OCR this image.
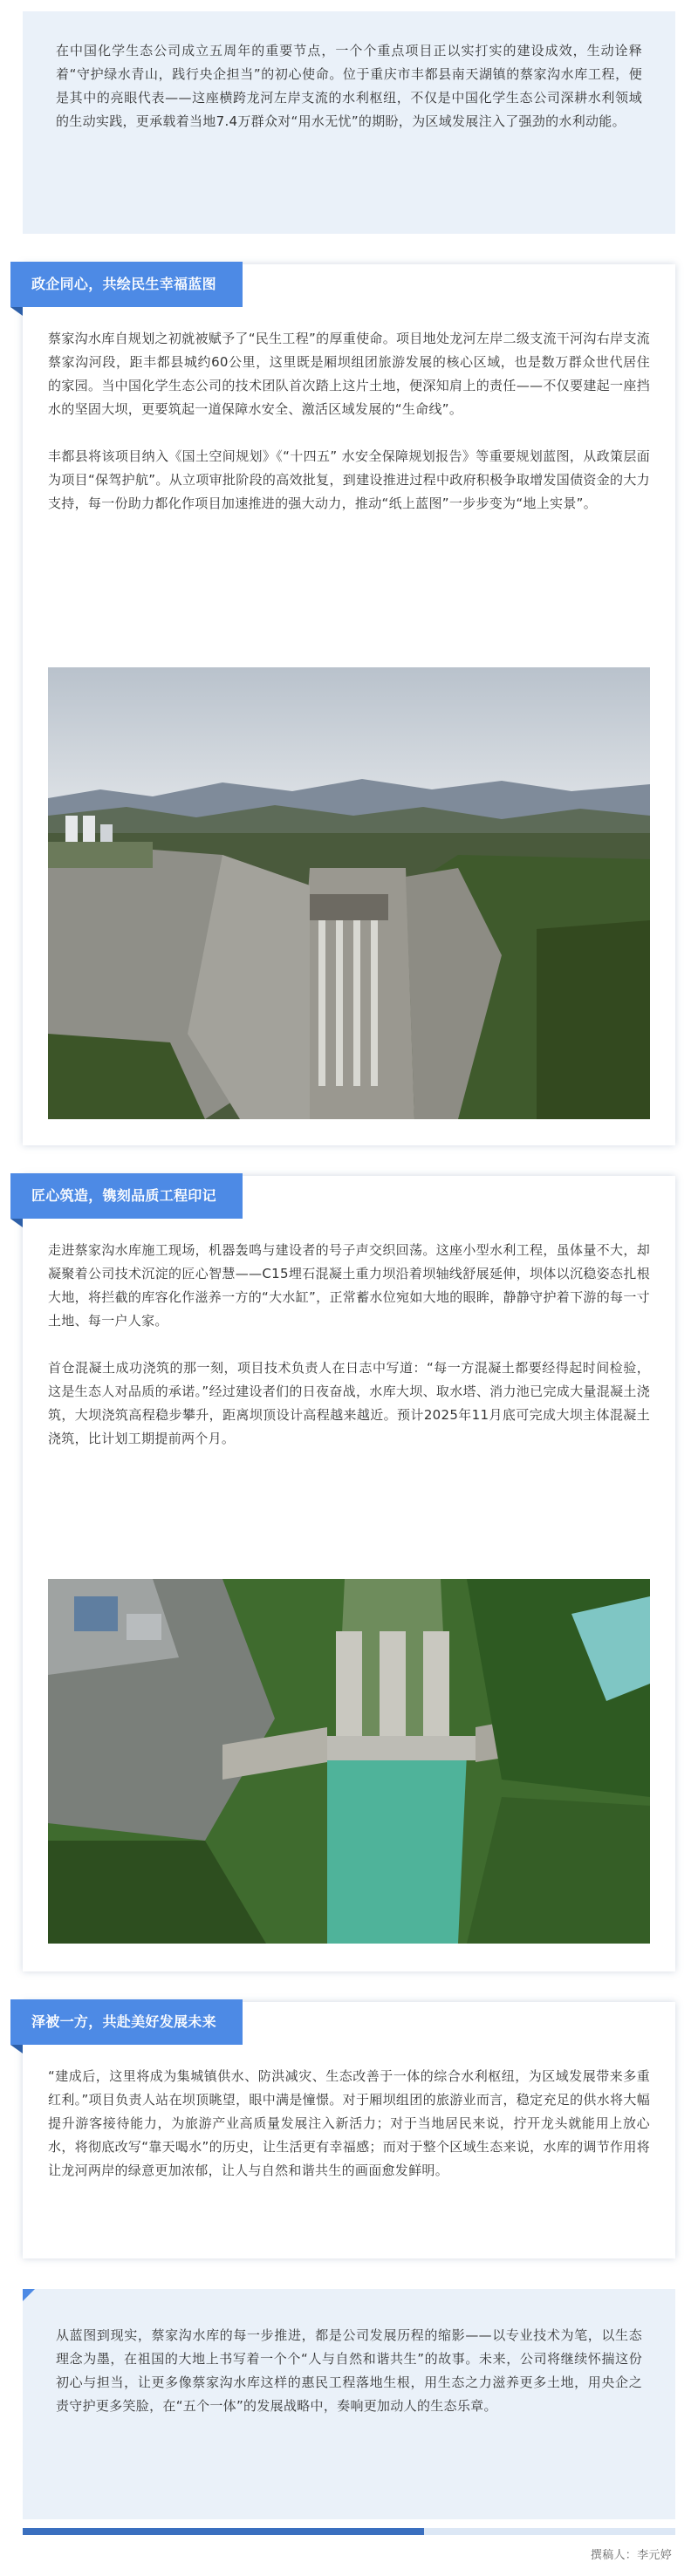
在中国化学生态公司成立五周年的重要节点，一个个重点项目正以实打实的建设成效，生动诠释着“守护绿水青山，践行央企担当”的初心使命。位于重庆市丰都县南天湖镇的蔡家沟水库工程，便是其中的亮眼代表——这座横跨龙河左岸支流的水利枢纽，不仅是中国化学生态公司深耕水利领域的生动实践，更承载着当地7.4万群众对“用水无忧”的期盼，为区域发展注入了强劲的水利动能。

政企同心，共绘民生幸福蓝图

蔡家沟水库自规划之初就被赋予了“民生工程”的厚重使命。项目地处龙河左岸二级支流干河沟右岸支流蔡家沟河段，距丰都县城约60公里，这里既是厢坝组团旅游发展的核心区域，也是数万群众世代居住的家园。当中国化学生态公司的技术团队首次踏上这片土地，便深知肩上的责任——不仅要建起一座挡水的坚固大坝，更要筑起一道保障水安全、激活区域发展的“生命线”。

丰都县将该项目纳入《国土空间规划》《“十四五” 水安全保障规划报告》等重要规划蓝图，从政策层面为项目“保驾护航”。从立项审批阶段的高效批复，到建设推进过程中政府积极争取增发国债资金的大力支持，每一份助力都化作项目加速推进的强大动力，推动“纸上蓝图”一步步变为“地上实景”。

匠心筑造，镌刻品质工程印记

走进蔡家沟水库施工现场，机器轰鸣与建设者的号子声交织回荡。这座小型水利工程，虽体量不大，却凝聚着公司技术沉淀的匠心智慧——C15埋石混凝土重力坝沿着坝轴线舒展延伸，坝体以沉稳姿态扎根大地，将拦截的库容化作滋养一方的“大水缸”，正常蓄水位宛如大地的眼眸，静静守护着下游的每一寸土地、每一户人家。

首仓混凝土成功浇筑的那一刻，项目技术负责人在日志中写道：“每一方混凝土都要经得起时间检验，这是生态人对品质的承诺。”经过建设者们的日夜奋战，水库大坝、取水塔、消力池已完成大量混凝土浇筑，大坝浇筑高程稳步攀升，距离坝顶设计高程越来越近。预计2025年11月底可完成大坝主体混凝土浇筑，比计划工期提前两个月。

泽被一方，共赴美好发展未来

“建成后，这里将成为集城镇供水、防洪减灾、生态改善于一体的综合水利枢纽，为区域发展带来多重红利。”项目负责人站在坝顶眺望，眼中满是憧憬。对于厢坝组团的旅游业而言，稳定充足的供水将大幅提升游客接待能力，为旅游产业高质量发展注入新活力；对于当地居民来说，拧开龙头就能用上放心水，将彻底改写“靠天喝水”的历史，让生活更有幸福感；而对于整个区域生态来说，水库的调节作用将让龙河两岸的绿意更加浓郁，让人与自然和谐共生的画面愈发鲜明。

从蓝图到现实，蔡家沟水库的每一步推进，都是公司发展历程的缩影——以专业技术为笔，以生态理念为墨，在祖国的大地上书写着一个个“人与自然和谐共生”的故事。未来，公司将继续怀揣这份初心与担当，让更多像蔡家沟水库这样的惠民工程落地生根，用生态之力滋养更多土地，用央企之责守护更多笑脸，在“五个一体”的发展战略中，奏响更加动人的生态乐章。

撰稿人：李元婷
